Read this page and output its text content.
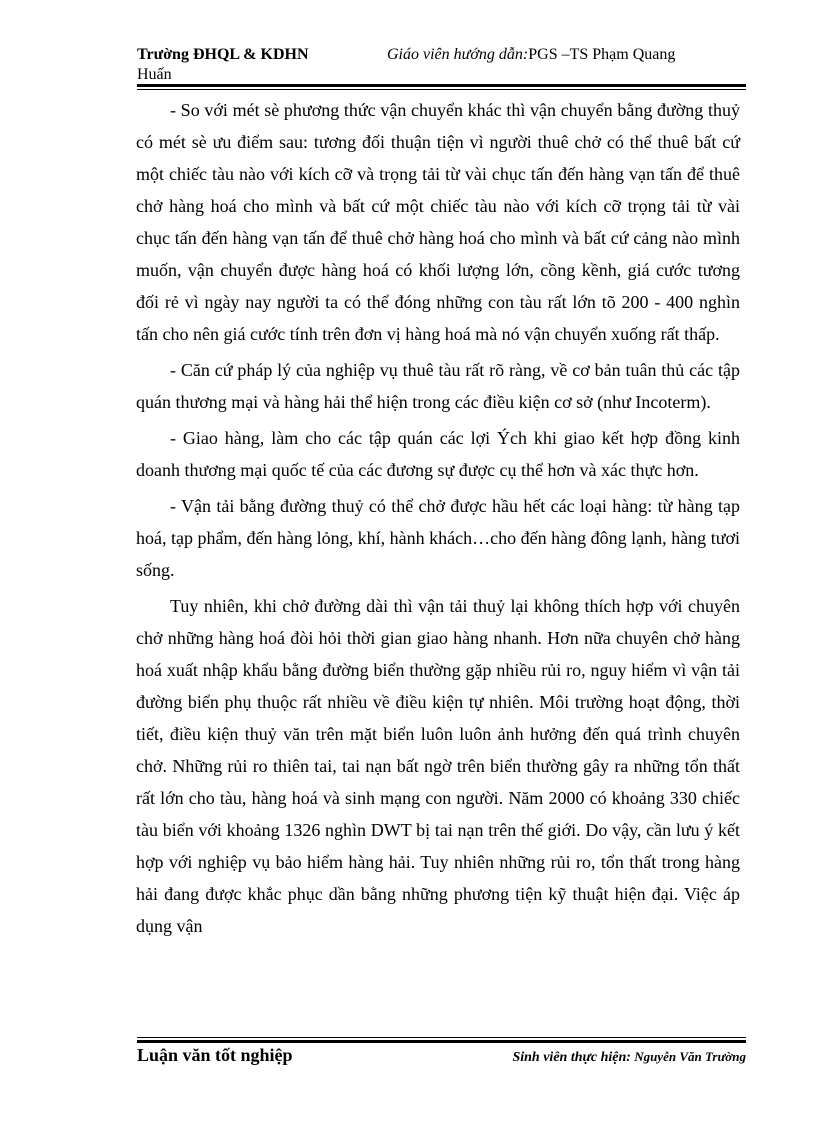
Trường ĐHQL & KDHN	Giáo viên hướng dẫn: PGS –TS Phạm Quang
Huấn

- So với mét sè phương thức vận chuyển khác thì vận chuyển bằng đường thuỷ có mét sè ưu điểm sau: tương đối thuận tiện vì người thuê chở có thể thuê bất cứ một chiếc tàu nào với kích cỡ và trọng tải từ vài chục tấn đến hàng vạn tấn để thuê chở hàng hoá cho mình và bất cứ một chiếc tàu nào với kích cỡ trọng tải từ vài chục tấn đến hàng vạn tấn để thuê chở hàng hoá cho mình và bất cứ cảng nào mình muốn, vận chuyển được hàng hoá có khối lượng lớn, cồng kềnh, giá cước tương đối rẻ vì ngày nay người ta có thể đóng những con tàu rất lớn tõ 200 - 400 nghìn tấn cho nên giá cước tính trên đơn vị hàng hoá mà nó vận chuyển xuống rất thấp.

- Căn cứ pháp lý của nghiệp vụ thuê tàu rất rõ ràng, về cơ bản tuân thủ các tập quán thương mại và hàng hải thể hiện trong các điều kiện cơ sở (như Incoterm).

- Giao hàng, làm cho các tập quán các lợi Ých khi giao kết hợp đồng kinh doanh thương mại quốc tế của các đương sự được cụ thể hơn và xác thực hơn.

- Vận tải bằng đường thuỷ có thể chở được hầu hết các loại hàng: từ hàng tạp hoá, tạp phẩm, đến hàng lỏng, khí, hành khách…cho đến hàng đông lạnh, hàng tươi sống.

Tuy nhiên, khi chở đường dài thì vận tải thuỷ lại không thích hợp với chuyên chở những hàng hoá đòi hỏi thời gian giao hàng nhanh. Hơn nữa chuyên chở hàng hoá xuất nhập khẩu bằng đường biển thường gặp nhiều rủi ro, nguy hiểm vì vận tải đường biển phụ thuộc rất nhiều về điều kiện tự nhiên. Môi trường hoạt động, thời tiết, điều kiện thuỷ văn trên mặt biển luôn luôn ảnh hưởng đến quá trình chuyên chở. Những rủi ro thiên tai, tai nạn bất ngờ trên biển thường gây ra những tổn thất rất lớn cho tàu, hàng hoá và sinh mạng con người. Năm 2000 có khoảng 330 chiếc tàu biển với khoảng 1326 nghìn DWT bị tai nạn trên thế giới. Do vậy, cần lưu ý kết hợp với nghiệp vụ bảo hiểm hàng hải. Tuy nhiên những rủi ro, tổn thất trong hàng hải đang được khắc phục dần bằng những phương tiện kỹ thuật hiện đại. Việc áp dụng vận

Luận văn tốt nghiệp	Sinh viên thực hiện: Nguyễn Văn Trường
